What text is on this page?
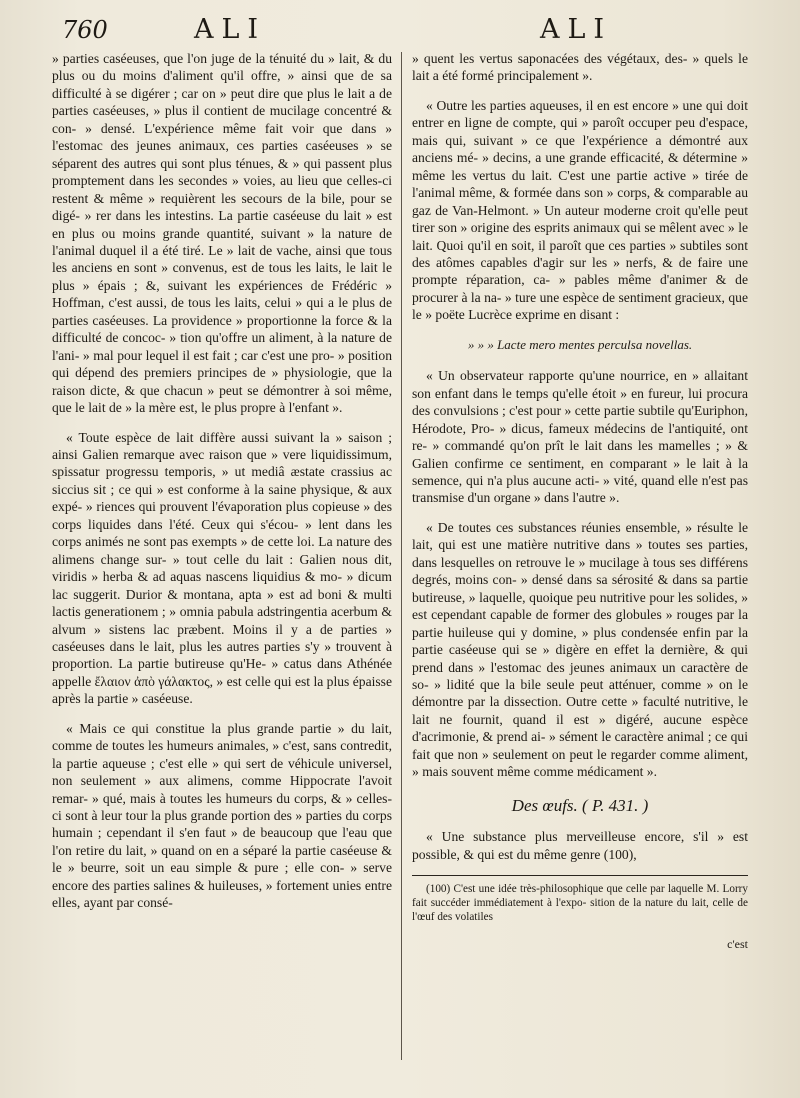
760	ALI	ALI

» parties caséeuses, que l'on juge de la ténuité du » lait, & du plus ou du moins d'aliment qu'il offre, » ainsi que de sa difficulté à se digérer ; car on » peut dire que plus le lait a de parties caséeuses, » plus il contient de mucilage concentré & con- » densé. L'expérience même fait voir que dans » l'estomac des jeunes animaux, ces parties caséeuses » se séparent des autres qui sont plus ténues, & » qui passent plus promptement dans les secondes » voies, au lieu que celles-ci restent & même » requièrent les secours de la bile, pour se digé- » rer dans les intestins. La partie caséeuse du lait » est en plus ou moins grande quantité, suivant » la nature de l'animal duquel il a été tiré. Le » lait de vache, ainsi que tous les anciens en sont » convenus, est de tous les laits, le lait le plus » épais ; &, suivant les expériences de Frédéric » Hoffman, c'est aussi, de tous les laits, celui » qui a le plus de parties caséeuses. La providence » proportionne la force & la difficulté de concoc- » tion qu'offre un aliment, à la nature de l'ani- » mal pour lequel il est fait ; car c'est une pro- » position qui dépend des premiers principes de » physiologie, que la raison dicte, & que chacun » peut se démontrer à soi même, que le lait de » la mère est, le plus propre à l'enfant ».

« Toute espèce de lait diffère aussi suivant la » saison ; ainsi Galien remarque avec raison que » vere liquidissimum, spissatur progressu temporis, » ut mediâ æstate crassius ac siccius sit ; ce qui » est conforme à la saine physique, & aux expé- » riences qui prouvent l'évaporation plus copieuse » des corps liquides dans l'été. Ceux qui s'écou- » lent dans les corps animés ne sont pas exempts » de cette loi. La nature des alimens change sur- » tout celle du lait : Galien nous dit, viridis » herba & ad aquas nascens liquidius & mo- » dicum lac suggerit. Durior & montana, apta » est ad boni & multi lactis generationem ; » omnia pabula adstringentia acerbum & alvum » sistens lac præbent. Moins il y a de parties » caséeuses dans le lait, plus les autres parties s'y » trouvent à proportion. La partie butireuse qu'He- » catus dans Athénée appelle ἔλαιον ἀπὸ γάλακτος, » est celle qui est la plus épaisse après la partie » caséeuse.

« Mais ce qui constitue la plus grande partie » du lait, comme de toutes les humeurs animales, » c'est, sans contredit, la partie aqueuse ; c'est elle » qui sert de véhicule universel, non seulement » aux alimens, comme Hippocrate l'avoit remar- » qué, mais à toutes les humeurs du corps, & » celles-ci sont à leur tour la plus grande portion des » parties du corps humain ; cependant il s'en faut » de beaucoup que l'eau que l'on retire du lait, » quand on en a séparé la partie caséeuse & le » beurre, soit un eau simple & pure ; elle con- » serve encore des parties salines & huileuses, » fortement unies entre elles, ayant par consé-

» quent les vertus saponacées des végétaux, des- » quels le lait a été formé principalement ».

« Outre les parties aqueuses, il en est encore » une qui doit entrer en ligne de compte, qui » paroît occuper peu d'espace, mais qui, suivant » ce que l'expérience a démontré aux anciens mé- » decins, a une grande efficacité, & détermine » même les vertus du lait. C'est une partie active » tirée de l'animal même, & formée dans son » corps, & comparable au gaz de Van-Helmont. » Un auteur moderne croit qu'elle peut tirer son » origine des esprits animaux qui se mêlent avec » le lait. Quoi qu'il en soit, il paroît que ces parties » subtiles sont des atômes capables d'agir sur les » nerfs, & de faire une prompte réparation, ca- » pables même d'animer & de procurer à la na- » ture une espèce de sentiment gracieux, que le » poëte Lucrèce exprime en disant :

» » » Lacte mero mentes perculsa novellas.

« Un observateur rapporte qu'une nourrice, en » allaitant son enfant dans le temps qu'elle étoit » en fureur, lui procura des convulsions ; c'est pour » cette partie subtile qu'Euriphon, Hérodote, Pro- » dicus, fameux médecins de l'antiquité, ont re- » commandé qu'on prît le lait dans les mamelles ; » & Galien confirme ce sentiment, en comparant » le lait à la semence, qui n'a plus aucune acti- » vité, quand elle n'est pas transmise d'un organe » dans l'autre ».

« De toutes ces substances réunies ensemble, » résulte le lait, qui est une matière nutritive dans » toutes ses parties, dans lesquelles on retrouve le » mucilage à tous ses différens degrés, moins con- » densé dans sa sérosité & dans sa partie butireuse, » laquelle, quoique peu nutritive pour les solides, » est cependant capable de former des globules » rouges par la partie huileuse qui y domine, » plus condensée enfin par la partie caséeuse qui se » digère en effet la dernière, & qui prend dans » l'estomac des jeunes animaux un caractère de so- » lidité que la bile seule peut atténuer, comme » on le démontre par la dissection. Outre cette » faculté nutritive, le lait ne fournit, quand il est » digéré, aucune espèce d'acrimonie, & prend ai- » sément le caractère animal ; ce qui fait que non » seulement on peut le regarder comme aliment, » mais souvent même comme médicament ».

Des œufs. ( P. 431. )

« Une substance plus merveilleuse encore, s'il » est possible, & qui est du même genre (100),

(100) C'est une idée très-philosophique que celle par laquelle M. Lorry fait succéder immédiatement à l'expo- sition de la nature du lait, celle de l'œuf des volatiles

c'est
